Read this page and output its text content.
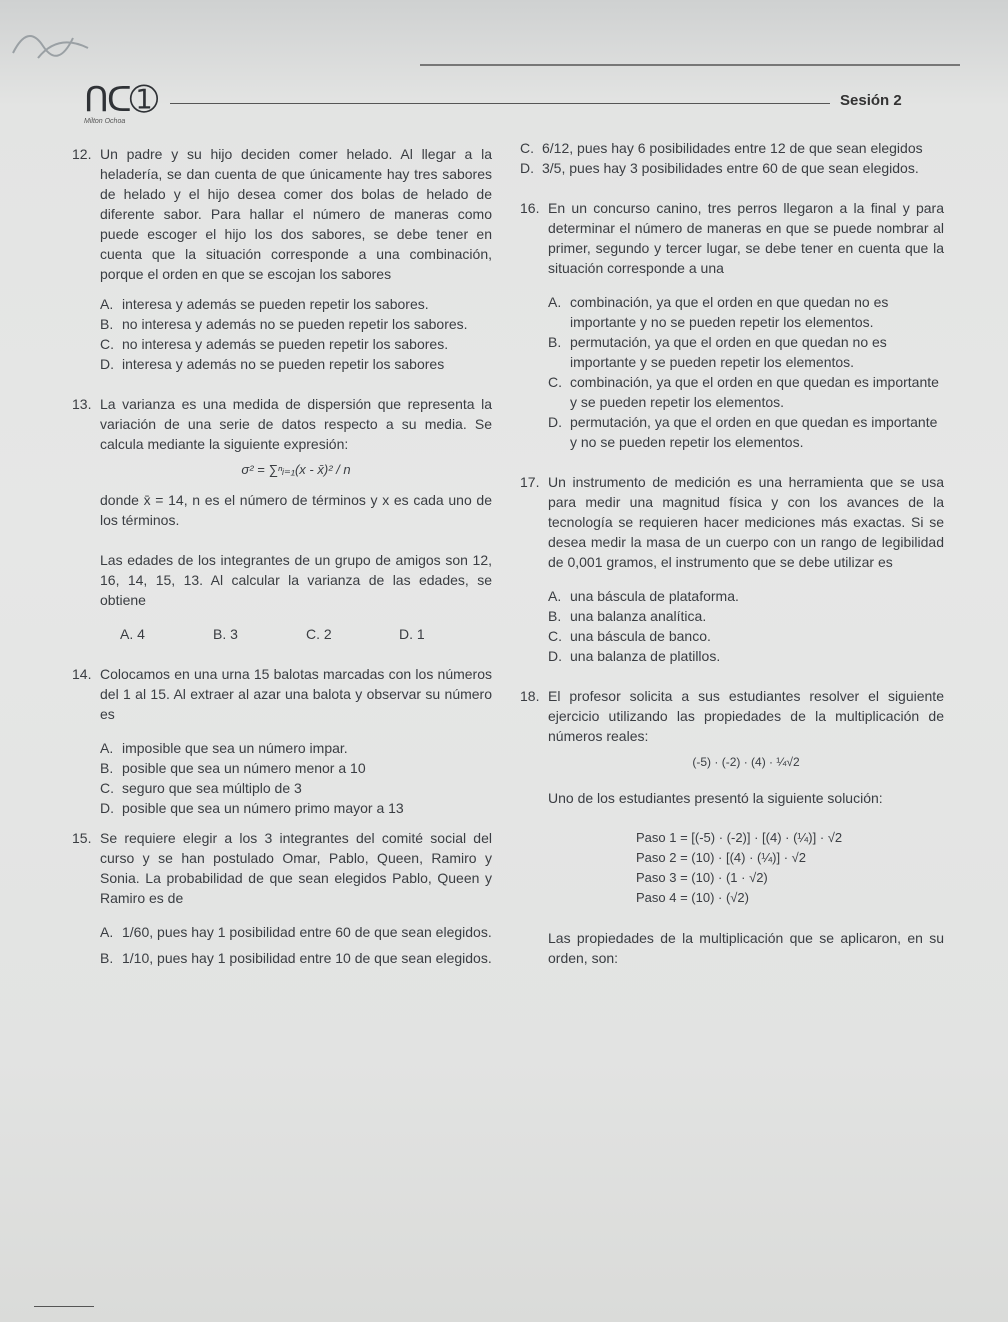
ᑎᑕ➀
Milton Ochoa
Sesión 2
12. Un padre y su hijo deciden comer helado. Al llegar a la heladería, se dan cuenta de que únicamente hay tres sabores de helado y el hijo desea comer dos bolas de helado de diferente sabor. Para hallar el número de maneras como puede escoger el hijo los dos sabores, se debe tener en cuenta que la situación corresponde a una combinación, porque el orden en que se escojan los sabores

A. interesa y además se pueden repetir los sabores.
B. no interesa y además no se pueden repetir los sabores.
C. no interesa y además se pueden repetir los sabores.
D. interesa y además no se pueden repetir los sabores
13. La varianza es una medida de dispersión que representa la variación de una serie de datos respecto a su media. Se calcula mediante la siguiente expresión:

σ² = ∑ⁿᵢ₌₁(x - x̄)² / n

donde x̄ = 14, n es el número de términos y x es cada uno de los términos.

Las edades de los integrantes de un grupo de amigos son 12, 16, 14, 15, 13. Al calcular la varianza de las edades, se obtiene

A. 4	B. 3	C. 2	D. 1
14. Colocamos en una urna 15 balotas marcadas con los números del 1 al 15. Al extraer al azar una balota y observar su número es

A. imposible que sea un número impar.
B. posible que sea un número menor a 10
C. seguro que sea múltiplo de 3
D. posible que sea un número primo mayor a 13
15. Se requiere elegir a los 3 integrantes del comité social del curso y se han postulado Omar, Pablo, Queen, Ramiro y Sonia. La probabilidad de que sean elegidos Pablo, Queen y Ramiro es de

A. 1/60, pues hay 1 posibilidad entre 60 de que sean elegidos.
B. 1/10, pues hay 1 posibilidad entre 10 de que sean elegidos.
C. 6/12, pues hay 6 posibilidades entre 12 de que sean elegidos
D. 3/5, pues hay 3 posibilidades entre 60 de que sean elegidos.
16. En un concurso canino, tres perros llegaron a la final y para determinar el número de maneras en que se puede nombrar al primer, segundo y tercer lugar, se debe tener en cuenta que la situación corresponde a una

A. combinación, ya que el orden en que quedan no es importante y no se pueden repetir los elementos.
B. permutación, ya que el orden en que quedan no es importante y se pueden repetir los elementos.
C. combinación, ya que el orden en que quedan es importante y se pueden repetir los elementos.
D. permutación, ya que el orden en que quedan es importante y no se pueden repetir los elementos.
17. Un instrumento de medición es una herramienta que se usa para medir una magnitud física y con los avances de la tecnología se requieren hacer mediciones más exactas. Si se desea medir la masa de un cuerpo con un rango de legibilidad de 0,001 gramos, el instrumento que se debe utilizar es

A. una báscula de plataforma.
B. una balanza analítica.
C. una báscula de banco.
D. una balanza de platillos.
18. El profesor solicita a sus estudiantes resolver el siguiente ejercicio utilizando las propiedades de la multiplicación de números reales:

(-5) · (-2) · (4) · ¼√2

Uno de los estudiantes presentó la siguiente solución:

Paso 1 = [(-5) · (-2)] · [(4) · (¼)] · √2
Paso 2 = (10) · [(4) · (¼)] · √2
Paso 3 = (10) · (1 · √2)
Paso 4 = (10) · (√2)

Las propiedades de la multiplicación que se aplicaron, en su orden, son:
